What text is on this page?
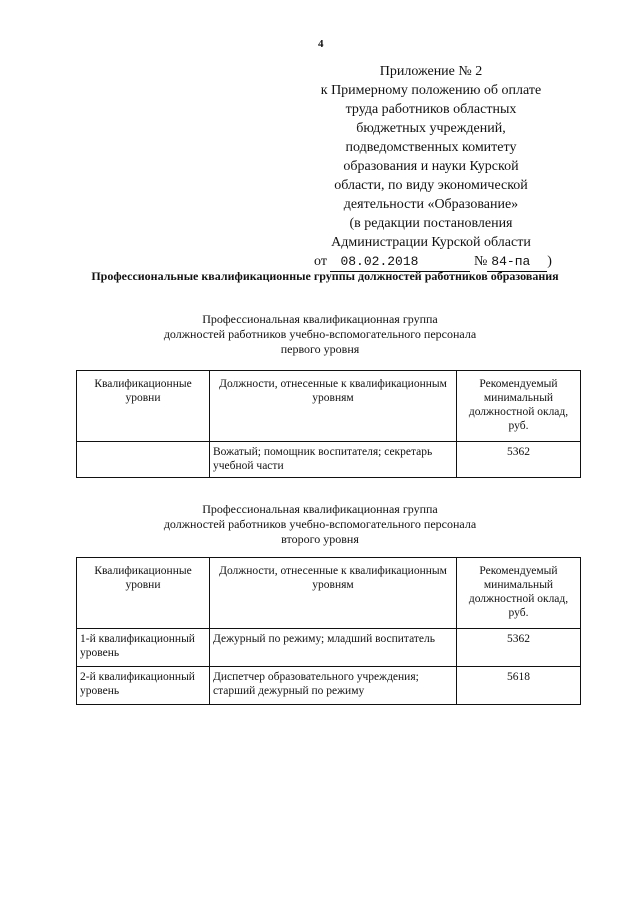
4
Приложение № 2
к Примерному положению об оплате
труда работников областных
бюджетных учреждений,
подведомственных комитету
образования и науки Курской
области, по виду экономической
деятельности «Образование»
(в редакции постановления
Администрации Курской области
от 08.02.2018	№ 84-па )
Профессиональные квалификационные группы должностей работников образования
Профессиональная квалификационная группа
должностей работников учебно-вспомогательного персонала
первого уровня
Квалификационные уровни	Должности, отнесенные к квалификационным уровням	Рекомендуемый минимальный должностной оклад, руб.
	Вожатый; помощник воспитателя; секретарь учебной части	5362
Профессиональная квалификационная группа
должностей работников учебно-вспомогательного персонала
второго уровня
Квалификационные уровни	Должности, отнесенные к квалификационным уровням	Рекомендуемый минимальный должностной оклад, руб.
1-й квалификационный уровень	Дежурный по режиму; младший воспитатель	5362
2-й квалификационный уровень	Диспетчер образовательного учреждения; старший дежурный по режиму	5618
